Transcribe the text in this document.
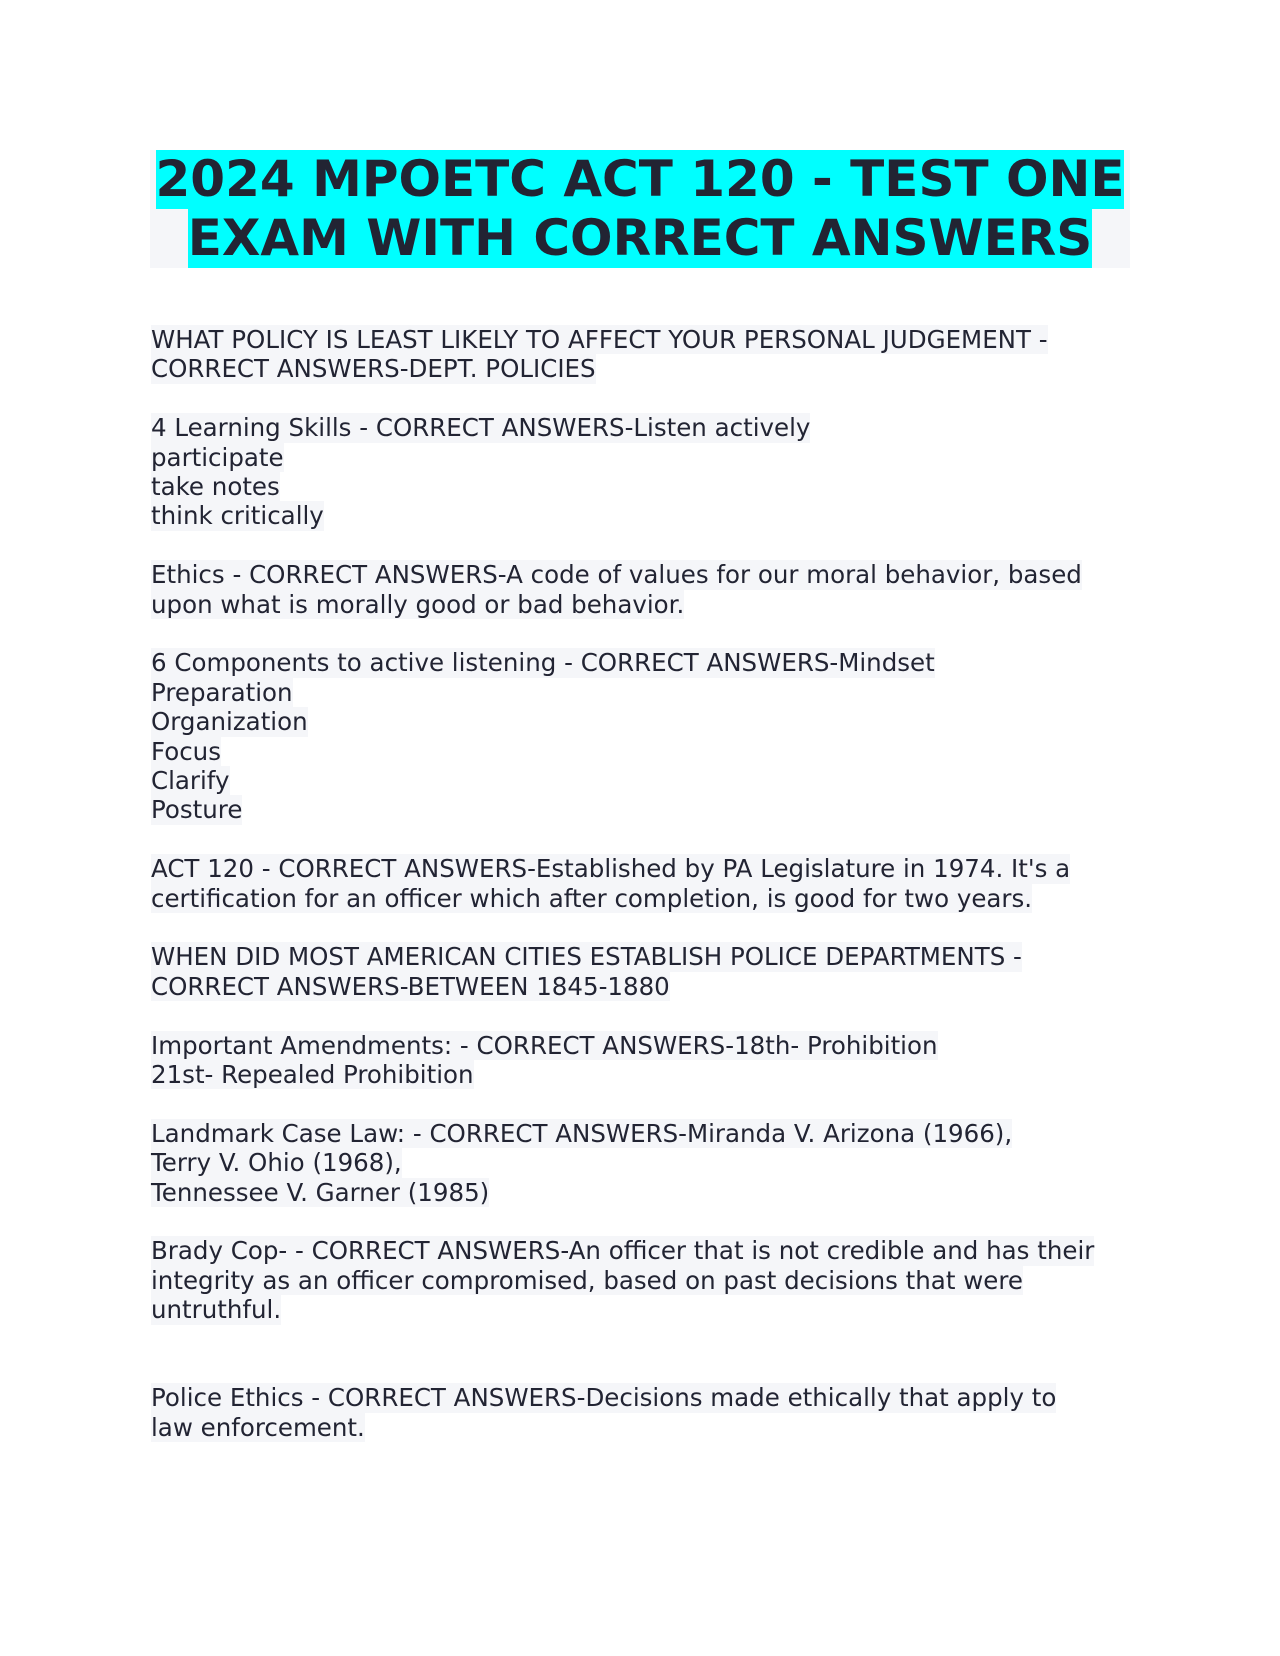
2024 MPOETC ACT 120 - TEST ONE
EXAM WITH CORRECT ANSWERS
WHAT POLICY IS LEAST LIKELY TO AFFECT YOUR PERSONAL JUDGEMENT -
CORRECT ANSWERS-DEPT. POLICIES
4 Learning Skills - CORRECT ANSWERS-Listen actively
participate
take notes
think critically
Ethics - CORRECT ANSWERS-A code of values for our moral behavior, based
upon what is morally good or bad behavior.
6 Components to active listening - CORRECT ANSWERS-Mindset
Preparation
Organization
Focus
Clarify
Posture
ACT 120 - CORRECT ANSWERS-Established by PA Legislature in 1974. It's a
certification for an officer which after completion, is good for two years.
WHEN DID MOST AMERICAN CITIES ESTABLISH POLICE DEPARTMENTS -
CORRECT ANSWERS-BETWEEN 1845-1880
Important Amendments: - CORRECT ANSWERS-18th- Prohibition
21st- Repealed Prohibition
Landmark Case Law: - CORRECT ANSWERS-Miranda V. Arizona (1966),
Terry V. Ohio (1968),
Tennessee V. Garner (1985)
Brady Cop- - CORRECT ANSWERS-An officer that is not credible and has their
integrity as an officer compromised, based on past decisions that were
untruthful.
Police Ethics - CORRECT ANSWERS-Decisions made ethically that apply to
law enforcement.
